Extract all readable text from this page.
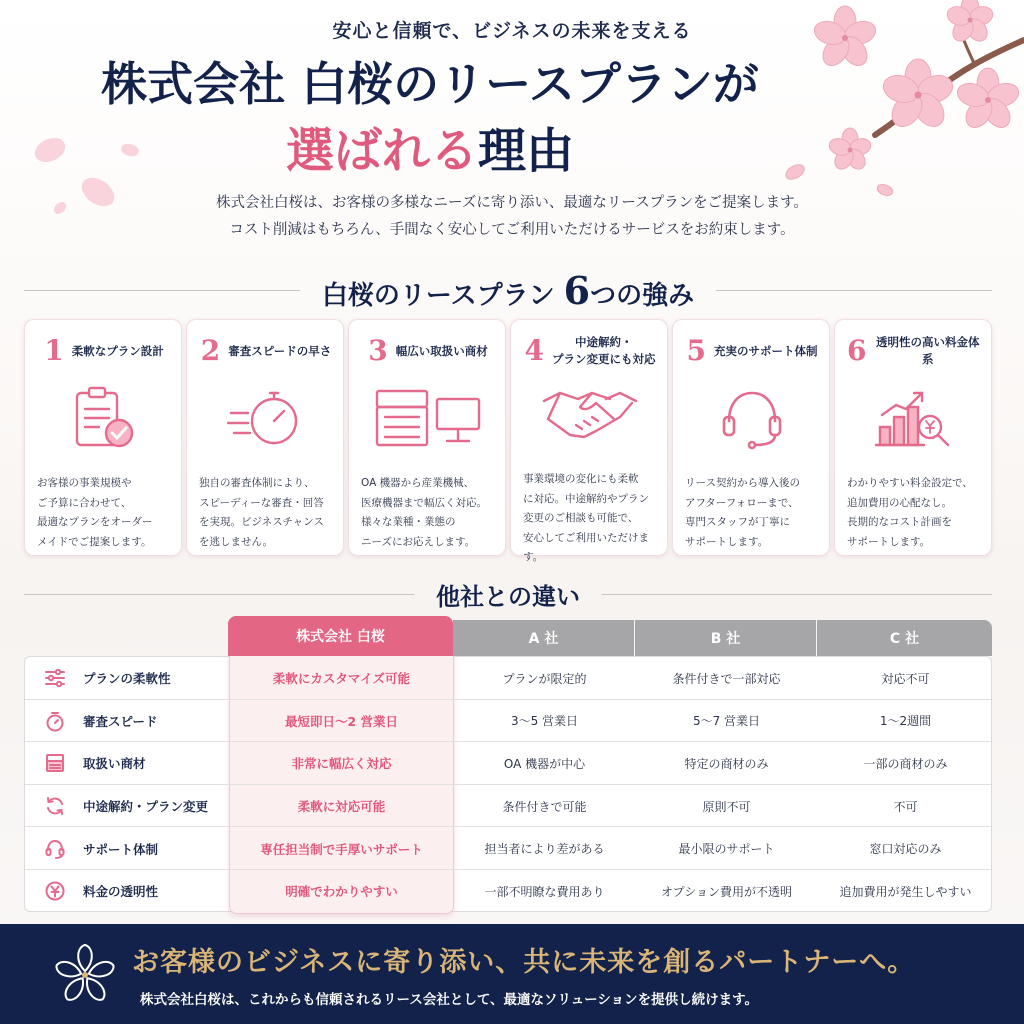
安心と信頼で、ビジネスの未来を支える
株式会社 白桜のリースプランが
選ばれる理由
株式会社白桜は、お客様の多様なニーズに寄り添い、最適なリースプランをご提案します。
コスト削減はもちろん、手間なく安心してご利用いただけるサービスをお約束します。
白桜のリースプラン 6つの強み
1 柔軟なプラン設計
お客様の事業規模や
ご予算に合わせて、
最適なプランをオーダー
メイドでご提案します。
2 審査スピードの早さ
独自の審査体制により、
スピーディーな審査・回答
を実現。ビジネスチャンス
を逃しません。
3 幅広い取扱い商材
OA 機器から産業機械、
医療機器まで幅広く対応。
様々な業種・業態の
ニーズにお応えします。
4	中途解約・
プラン変更にも対応
事業環境の変化にも柔軟
に対応。中途解約やプラン
変更のご相談も可能で、
安心してご利用いただけます。
5 充実のサポート体制
リース契約から導入後の
アフターフォローまで、
専門スタッフが丁寧に
サポートします。
6 透明性の高い料金体系
わかりやすい料金設定で、
追加費用の心配なし。
長期的なコスト計画を
サポートします。
他社との違い
株式会社 白桜	A 社	B 社	C 社
プランの柔軟性	柔軟にカスタマイズ可能	プランが限定的	条件付きで一部対応	対応不可
審査スピード	最短即日〜2 営業日	3〜5 営業日	5〜7 営業日	1〜2週間
取扱い商材	非常に幅広く対応	OA 機器が中心	特定の商材のみ	一部の商材のみ
中途解約・プラン変更	柔軟に対応可能	条件付きで可能	原則不可	不可
サポート体制	専任担当制で手厚いサポート	担当者により差がある	最小限のサポート	窓口対応のみ
料金の透明性	明確でわかりやすい	一部不明瞭な費用あり	オプション費用が不透明	追加費用が発生しやすい
お客様のビジネスに寄り添い、共に未来を創るパートナーへ。
株式会社白桜は、これからも信頼されるリース会社として、最適なソリューションを提供し続けます。
